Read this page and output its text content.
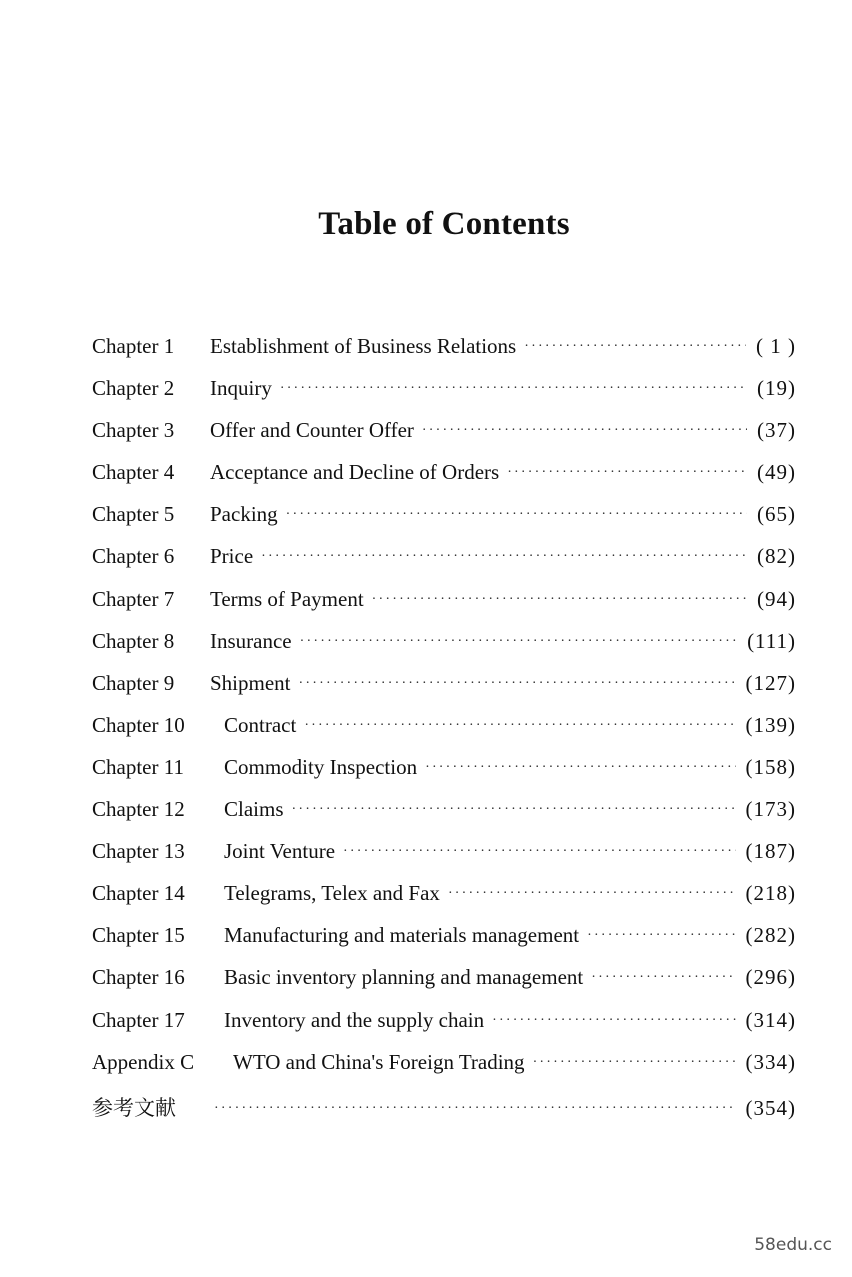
Table of Contents
Chapter 1	Establishment of Business Relations ·····	( 1 )
Chapter 2	Inquiry ·····	(19)
Chapter 3	Offer and Counter Offer ·····	(37)
Chapter 4	Acceptance and Decline of Orders ·····	(49)
Chapter 5	Packing ·····	(65)
Chapter 6	Price ·····	(82)
Chapter 7	Terms of Payment ·····	(94)
Chapter 8	Insurance ·····	(111)
Chapter 9	Shipment ·····	(127)
Chapter 10	Contract ·····	(139)
Chapter 11	Commodity Inspection ·····	(158)
Chapter 12	Claims ·····	(173)
Chapter 13	Joint Venture ·····	(187)
Chapter 14	Telegrams, Telex and Fax ·····	(218)
Chapter 15	Manufacturing and materials management ·····	(282)
Chapter 16	Basic inventory planning and management ·····	(296)
Chapter 17	Inventory and the supply chain ·····	(314)
Appendix C	WTO and China's Foreign Trading ·····	(334)
参考文献 ·····	(354)
58edu.cc
